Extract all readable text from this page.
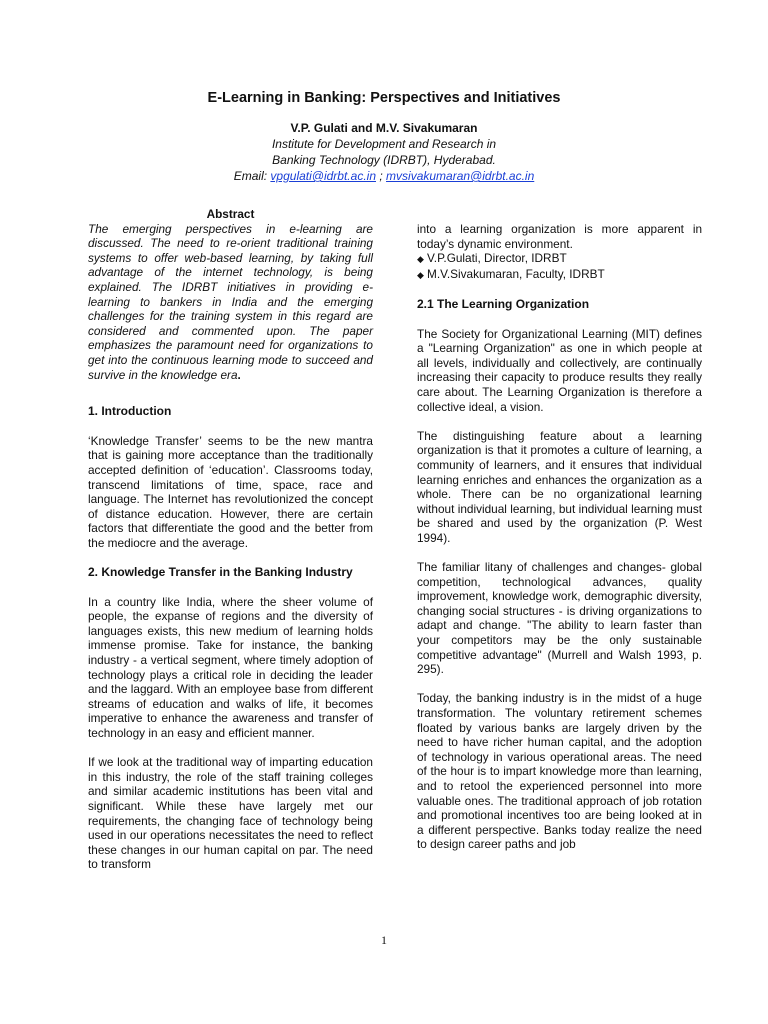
E-Learning in Banking: Perspectives and Initiatives
V.P. Gulati and M.V. Sivakumaran
Institute for Development and Research in
Banking Technology (IDRBT), Hyderabad.
Email: vpgulati@idrbt.ac.in ; mvsivakumaran@idrbt.ac.in
Abstract

The emerging perspectives in e-learning are discussed. The need to re-orient traditional training systems to offer web-based learning, by taking full advantage of the internet technology, is being explained. The IDRBT initiatives in providing e-learning to bankers in India and the emerging challenges for the training system in this regard are considered and commented upon. The paper emphasizes the paramount need for organizations to get into the continuous learning mode to succeed and survive in the knowledge era.

1. Introduction

‘Knowledge Transfer’ seems to be the new mantra that is gaining more acceptance than the traditionally accepted definition of ‘education’. Classrooms today, transcend limitations of time, space, race and language. The Internet has revolutionized the concept of distance education. However, there are certain factors that differentiate the good and the better from the mediocre and the average.

2. Knowledge Transfer in the Banking Industry

In a country like India, where the sheer volume of people, the expanse of regions and the diversity of languages exists, this new medium of learning holds immense promise. Take for instance, the banking industry - a vertical segment, where timely adoption of technology plays a critical role in deciding the leader and the laggard. With an employee base from different streams of education and walks of life, it becomes imperative to enhance the awareness and transfer of technology in an easy and efficient manner.

If we look at the traditional way of imparting education in this industry, the role of the staff training colleges and similar academic institutions has been vital and significant. While these have largely met our requirements, the changing face of technology being used in our operations necessitates the need to reflect these changes in our human capital on par. The need to transform

into a learning organization is more apparent in today’s dynamic environment.

◆ V.P.Gulati, Director, IDRBT
◆ M.V.Sivakumaran, Faculty, IDRBT
2.1 The Learning Organization

The Society for Organizational Learning (MIT) defines a "Learning Organization" as one in which people at all levels, individually and collectively, are continually increasing their capacity to produce results they really care about. The Learning Organization is therefore a collective ideal, a vision.

The distinguishing feature about a learning organization is that it promotes a culture of learning, a community of learners, and it ensures that individual learning enriches and enhances the organization as a whole. There can be no organizational learning without individual learning, but individual learning must be shared and used by the organization (P. West 1994).

The familiar litany of challenges and changes- global competition, technological advances, quality improvement, knowledge work, demographic diversity, changing social structures - is driving organizations to adapt and change. "The ability to learn faster than your competitors may be the only sustainable competitive advantage" (Murrell and Walsh 1993, p. 295).

Today, the banking industry is in the midst of a huge transformation. The voluntary retirement schemes floated by various banks are largely driven by the need to have richer human capital, and the adoption of technology in various operational areas. The need of the hour is to impart knowledge more than learning, and to retool the experienced personnel into more valuable ones. The traditional approach of job rotation and promotional incentives too are being looked at in a different perspective. Banks today realize the need to design career paths and job

1
